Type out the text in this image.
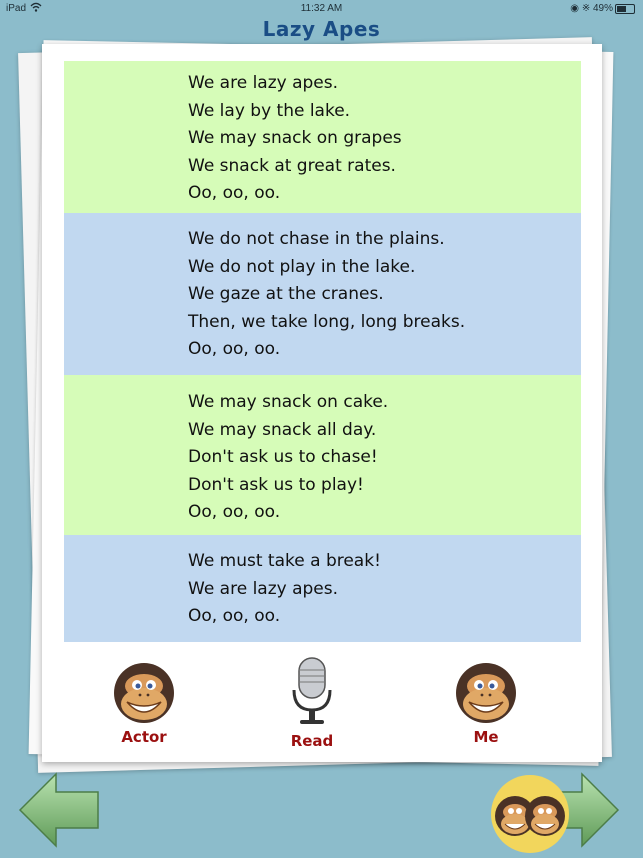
iPad	11:32 AM	◉ ※ 49%
Lazy Apes
We are lazy apes.
We lay by the lake.
We may snack on grapes
We snack at great rates.
Oo, oo, oo.
We do not chase in the plains.
We do not play in the lake.
We gaze at the cranes.
Then, we take long, long breaks.
Oo, oo, oo.
We may snack on cake.
We may snack all day.
Don't ask us to chase!
Don't ask us to play!
Oo, oo, oo.
We must take a break!
We are lazy apes.
Oo, oo, oo.
Actor	Read	Me
